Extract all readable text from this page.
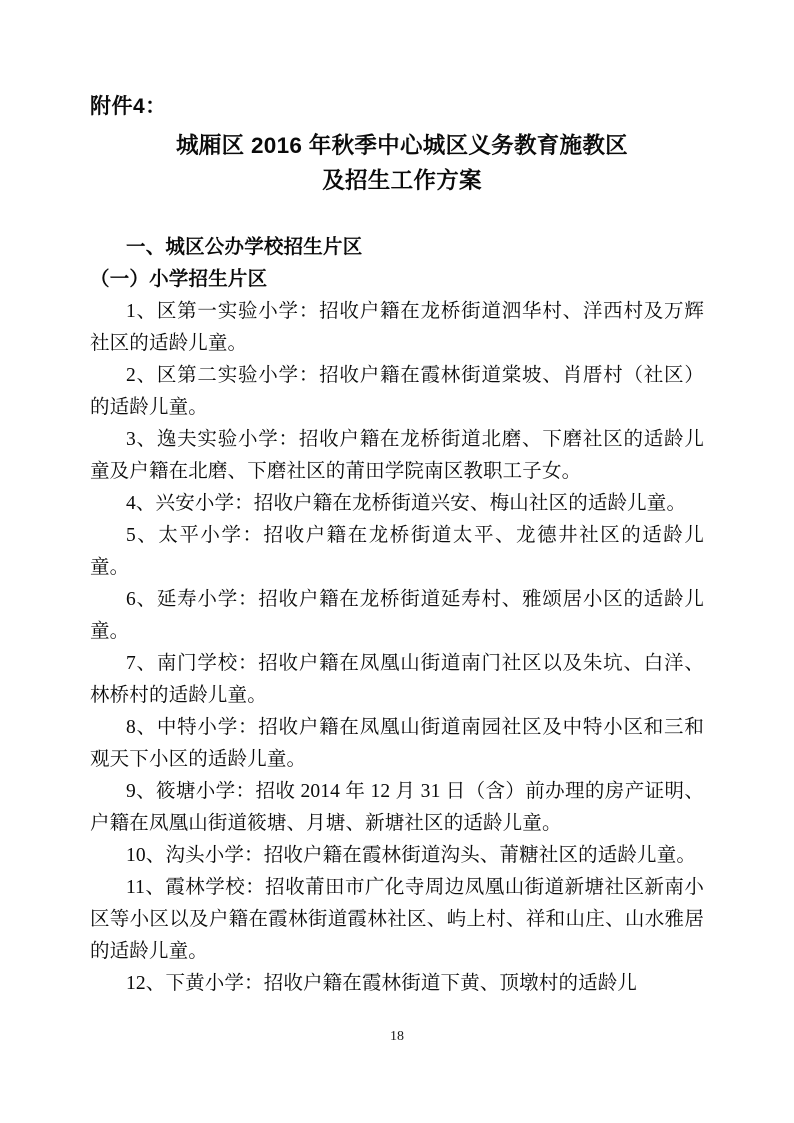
附件4：
城厢区 2016 年秋季中心城区义务教育施教区
及招生工作方案
一、城区公办学校招生片区
（一）小学招生片区

1、区第一实验小学：招收户籍在龙桥街道泗华村、洋西村及万辉社区的适龄儿童。

2、区第二实验小学：招收户籍在霞林街道棠坡、肖厝村（社区）的适龄儿童。

3、逸夫实验小学：招收户籍在龙桥街道北磨、下磨社区的适龄儿童及户籍在北磨、下磨社区的莆田学院南区教职工子女。

4、兴安小学：招收户籍在龙桥街道兴安、梅山社区的适龄儿童。

5、太平小学：招收户籍在龙桥街道太平、龙德井社区的适龄儿童。

6、延寿小学：招收户籍在龙桥街道延寿村、雅颂居小区的适龄儿童。

7、南门学校：招收户籍在凤凰山街道南门社区以及朱坑、白洋、林桥村的适龄儿童。

8、中特小学：招收户籍在凤凰山街道南园社区及中特小区和三和观天下小区的适龄儿童。

9、筱塘小学：招收 2014 年 12 月 31 日（含）前办理的房产证明、户籍在凤凰山街道筱塘、月塘、新塘社区的适龄儿童。

10、沟头小学：招收户籍在霞林街道沟头、莆糖社区的适龄儿童。

11、霞林学校：招收莆田市广化寺周边凤凰山街道新塘社区新南小区等小区以及户籍在霞林街道霞林社区、屿上村、祥和山庄、山水雅居的适龄儿童。

12、下黄小学：招收户籍在霞林街道下黄、顶墩村的适龄儿

18
